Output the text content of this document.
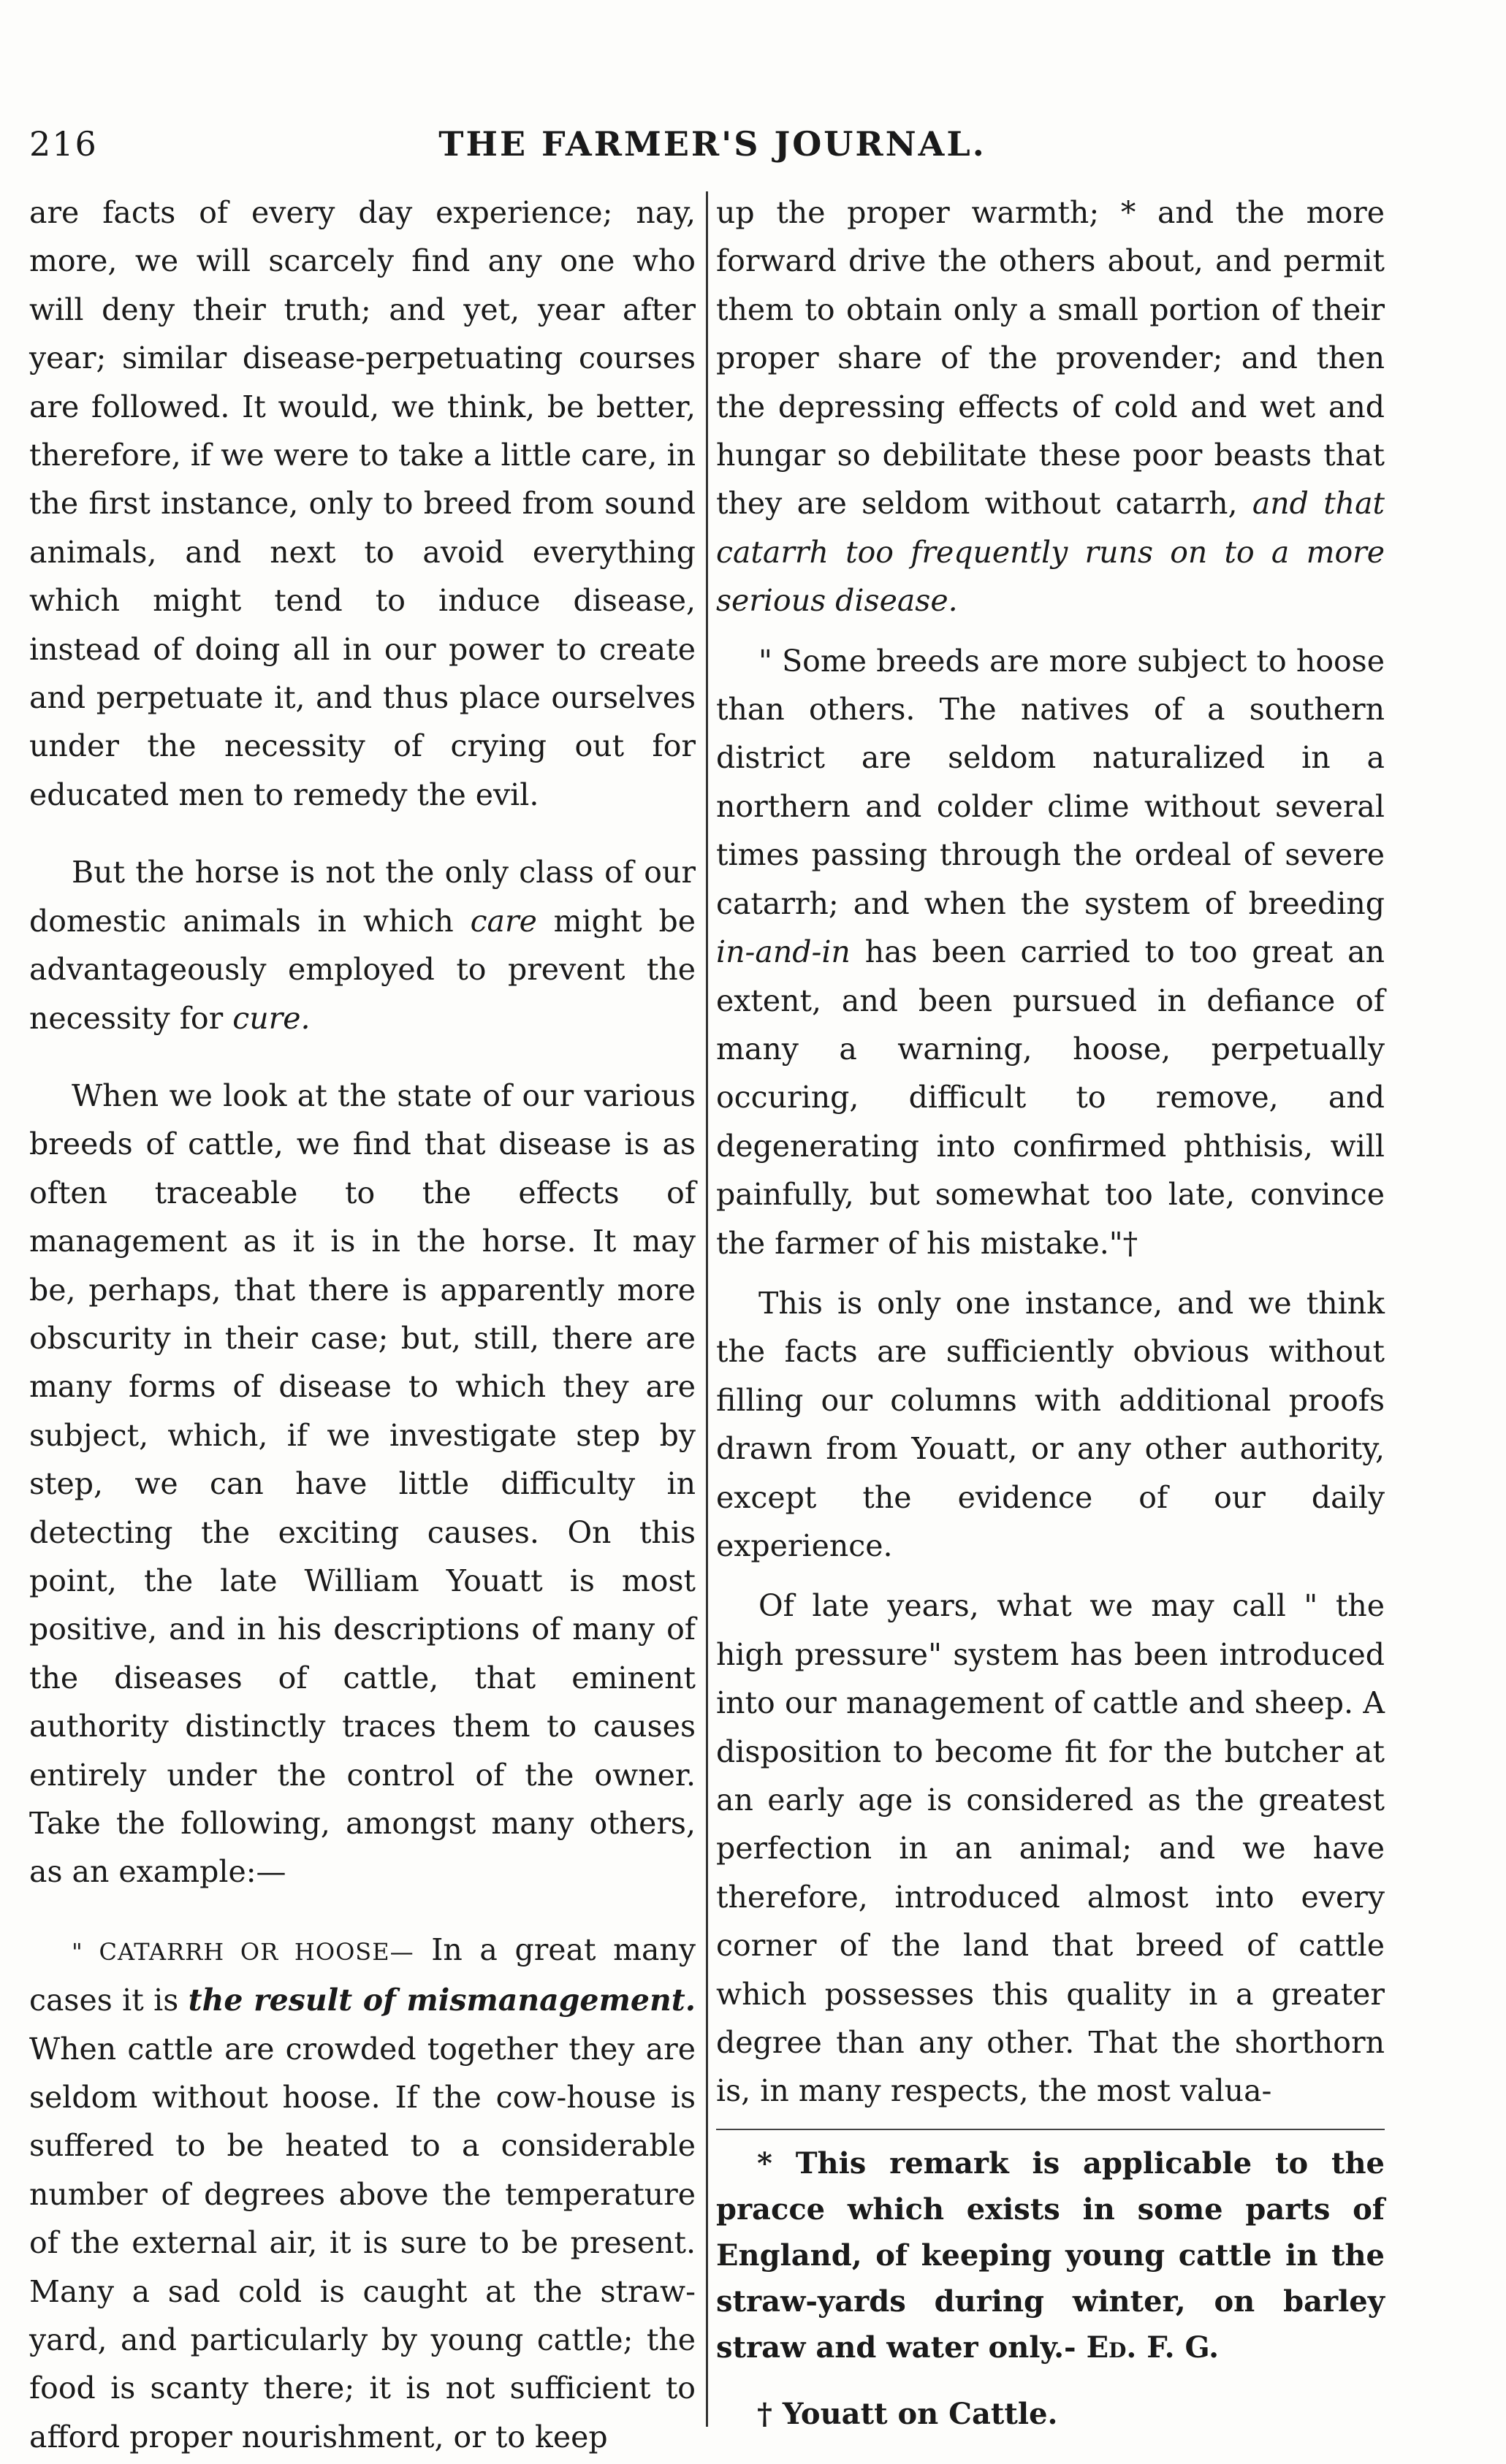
216	THE FARMER'S JOURNAL.

are facts of every day experience; nay, more, we will scarcely find any one who will deny their truth; and yet, year after year; similar disease-perpetuating courses are followed. It would, we think, be better, therefore, if we were to take a little care, in the first instance, only to breed from sound animals, and next to avoid everything which might tend to induce disease, instead of doing all in our power to create and perpetuate it, and thus place ourselves under the necessity of crying out for educated men to remedy the evil.

But the horse is not the only class of our domestic animals in which care might be advantageously employed to prevent the necessity for cure.

When we look at the state of our various breeds of cattle, we find that disease is as often traceable to the effects of management as it is in the horse. It may be, perhaps, that there is apparently more obscurity in their case; but, still, there are many forms of disease to which they are subject, which, if we investigate step by step, we can have little difficulty in detecting the exciting causes. On this point, the late William Youatt is most positive, and in his descriptions of many of the diseases of cattle, that eminent authority distinctly traces them to causes entirely under the control of the owner. Take the following, amongst many others, as an example:—

" CATARRH OR HOOSE— In a great many cases it is the result of mismanagement. When cattle are crowded together they are seldom without hoose. If the cow-house is suffered to be heated to a considerable number of degrees above the temperature of the external air, it is sure to be present. Many a sad cold is caught at the straw-yard, and particularly by young cattle; the food is scanty there; it is not sufficient to afford proper nourishment, or to keep

up the proper warmth; * and the more forward drive the others about, and permit them to obtain only a small portion of their proper share of the provender; and then the depressing effects of cold and wet and hungar so debilitate these poor beasts that they are seldom without catarrh, and that catarrh too frequently runs on to a more serious disease.

" Some breeds are more subject to hoose than others. The natives of a southern district are seldom naturalized in a northern and colder clime without several times passing through the ordeal of severe catarrh; and when the system of breeding in-and-in has been carried to too great an extent, and been pursued in defiance of many a warning, hoose, perpetually occuring, difficult to remove, and degenerating into confirmed phthisis, will painfully, but somewhat too late, convince the farmer of his mistake."†

This is only one instance, and we think the facts are sufficiently obvious without filling our columns with additional proofs drawn from Youatt, or any other authority, except the evidence of our daily experience.

Of late years, what we may call " the high pressure" system has been introduced into our management of cattle and sheep. A disposition to become fit for the butcher at an early age is considered as the greatest perfection in an animal; and we have therefore, introduced almost into every corner of the land that breed of cattle which possesses this quality in a greater degree than any other. That the shorthorn is, in many respects, the most valua-

* This remark is applicable to the pracce which exists in some parts of England, of keeping young cattle in the straw-yards during winter, on barley straw and water only.- Ed. F. G.

† Youatt on Cattle.
